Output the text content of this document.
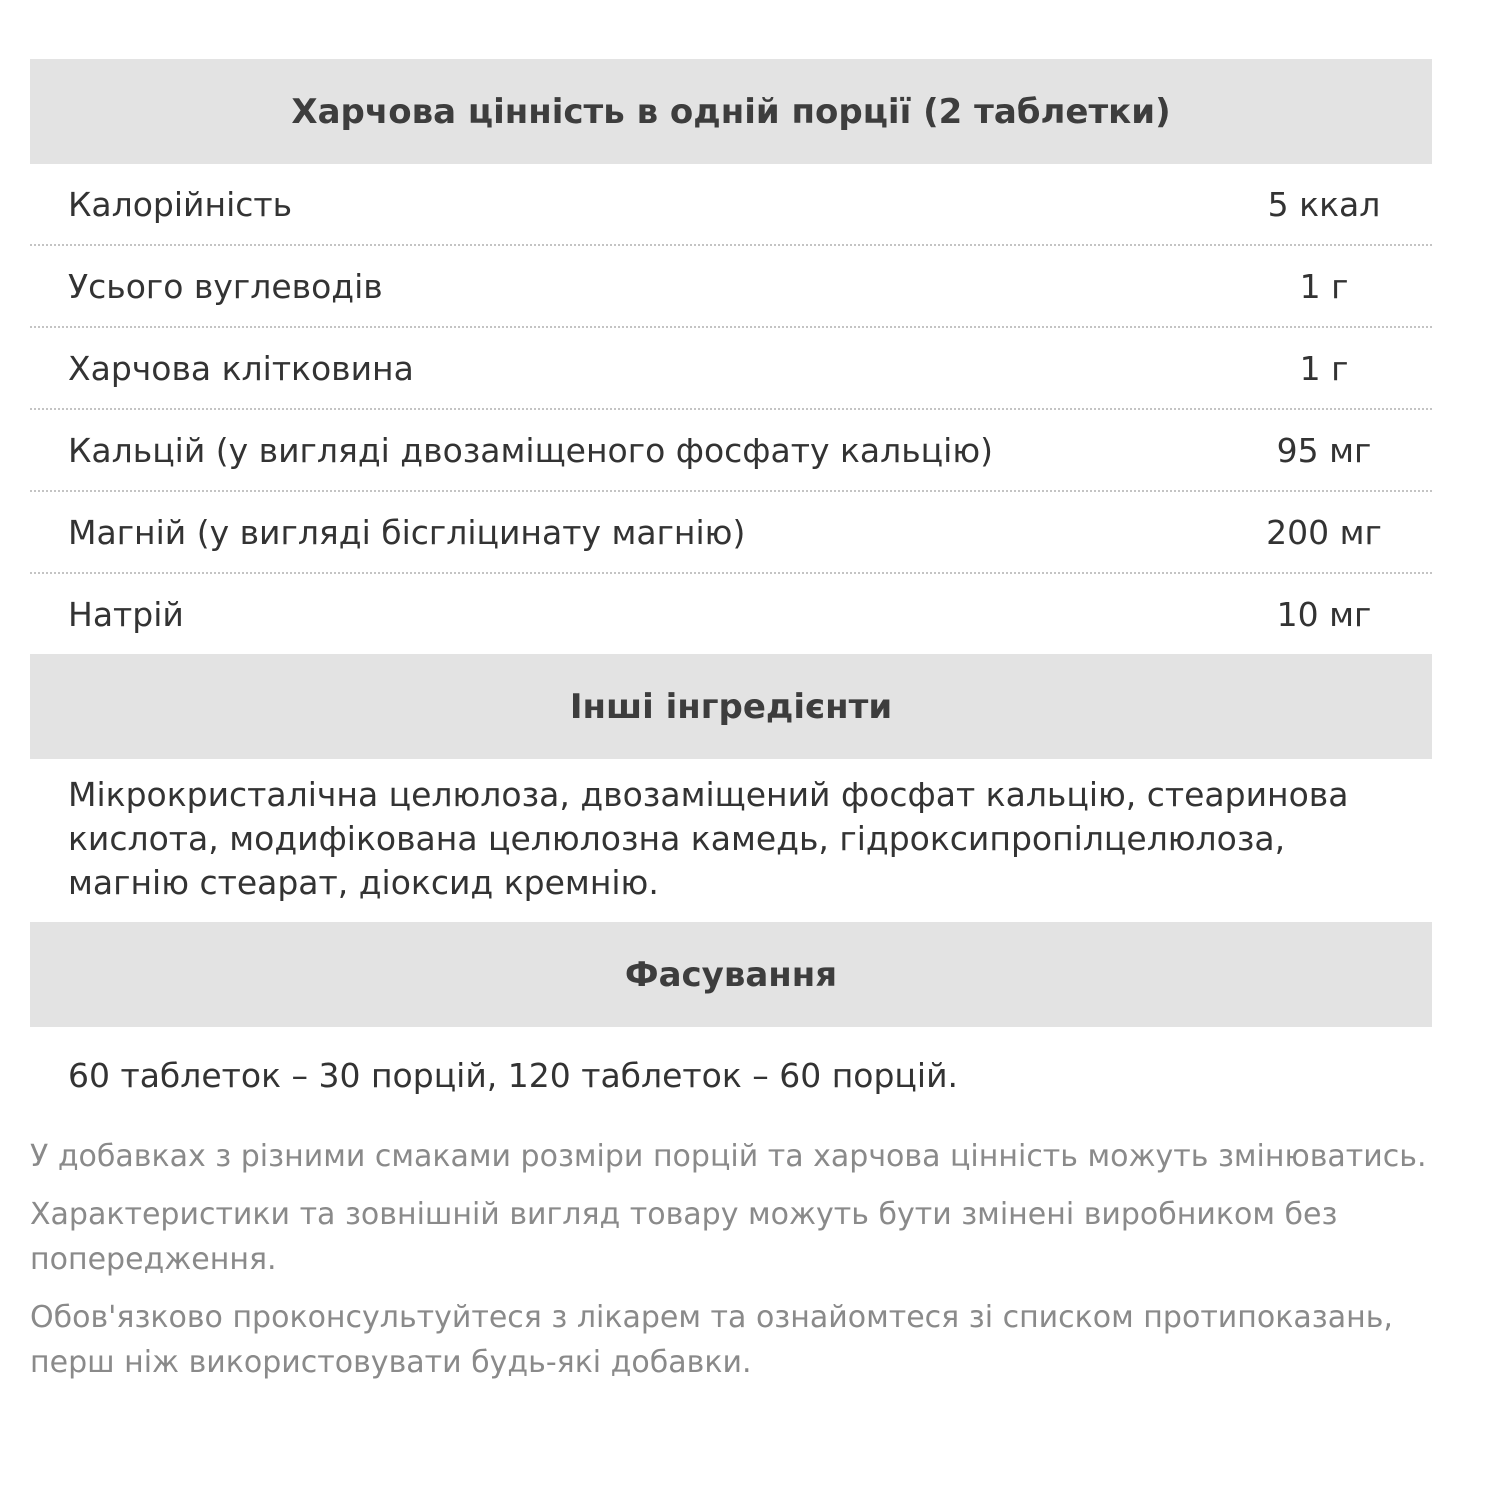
Харчова цінність в одній порції (2 таблетки)
Калорійність	5 ккал
Усього вуглеводів	1 г
Харчова клітковина	1 г
Кальцій (у вигляді двозаміщеного фосфату кальцію)	95 мг
Магній (у вигляді бісгліцинату магнію)	200 мг
Натрій	10 мг
Інші інгредієнти
Мікрокристалічна целюлоза, двозаміщений фосфат кальцію, стеаринова кислота, модифікована целюлозна камедь, гідроксипропілцелюлоза, магнію стеарат, діоксид кремнію.
Фасування
60 таблеток – 30 порцій, 120 таблеток – 60 порцій.

У добавках з різними смаками розміри порцій та харчова цінність можуть змінюватись.

Характеристики та зовнішній вигляд товару можуть бути змінені виробником без попередження.

Обов'язково проконсультуйтеся з лікарем та ознайомтеся зі списком протипоказань, перш ніж використовувати будь-які добавки.
